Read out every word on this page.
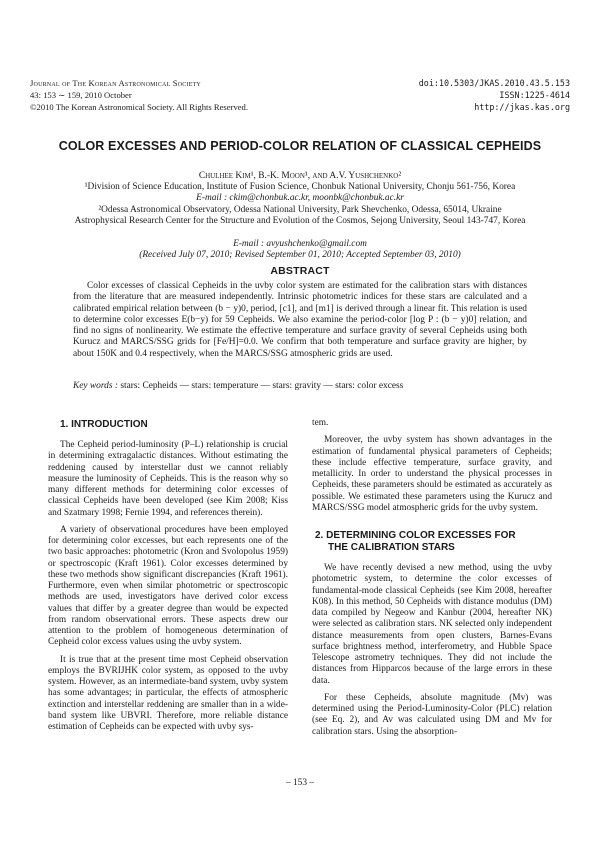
Journal of The Korean Astronomical Society
43: 153 ∼ 159, 2010 October
©2010 The Korean Astronomical Society. All Rights Reserved.
doi:10.5303/JKAS.2010.43.5.153
ISSN:1225-4614
http://jkas.kas.org
COLOR EXCESSES AND PERIOD-COLOR RELATION OF CLASSICAL CEPHEIDS
Chulhee Kim¹, B.-K. Moon¹, and A.V. Yushchenko²
¹Division of Science Education, Institute of Fusion Science, Chonbuk National University, Chonju 561-756, Korea
E-mail : ckim@chonbuk.ac.kr, moonbk@chonbuk.ac.kr
²Odessa Astronomical Observatory, Odessa National University, Park Shevchenko, Odessa, 65014, Ukraine
Astrophysical Research Center for the Structure and Evolution of the Cosmos, Sejong University, Seoul 143-747, Korea
E-mail : avyushchenko@gmail.com
(Received July 07, 2010; Revised September 01, 2010; Accepted September 03, 2010)
ABSTRACT
Color excesses of classical Cepheids in the uvby color system are estimated for the calibration stars with distances from the literature that are measured independently. Intrinsic photometric indices for these stars are calculated and a calibrated empirical relation between (b − y)0, period, [c1], and [m1] is derived through a linear fit. This relation is used to determine color excesses E(b−y) for 59 Cepheids. We also examine the period-color [log P : (b − y)0] relation, and find no signs of nonlinearity. We estimate the effective temperature and surface gravity of several Cepheids using both Kurucz and MARCS/SSG grids for [Fe/H]=0.0. We confirm that both temperature and surface gravity are higher, by about 150K and 0.4 respectively, when the MARCS/SSG atmospheric grids are used.
Key words : stars: Cepheids — stars: temperature — stars: gravity — stars: color excess
1. INTRODUCTION

The Cepheid period-luminosity (P–L) relationship is crucial in determining extragalactic distances. Without estimating the reddening caused by interstellar dust we cannot reliably measure the luminosity of Cepheids. This is the reason why so many different methods for determining color excesses of classical Cepheids have been developed (see Kim 2008; Kiss and Szatmary 1998; Fernie 1994, and references therein).

A variety of observational procedures have been employed for determining color excesses, but each represents one of the two basic approaches: photometric (Kron and Svolopolus 1959) or spectroscopic (Kraft 1961). Color excesses determined by these two methods show significant discrepancies (Kraft 1961). Furthermore, even when similar photometric or spectroscopic methods are used, investigators have derived color excess values that differ by a greater degree than would be expected from random observational errors. These aspects drew our attention to the problem of homogeneous determination of Cepheid color excess values using the uvby system.

It is true that at the present time most Cepheid observation employs the BVRIJHK color system, as opposed to the uvby system. However, as an intermediate-band system, uvby system has some advantages; in particular, the effects of atmospheric extinction and interstellar reddening are smaller than in a wide-band system like UBVRI. Therefore, more reliable distance estimation of Cepheids can be expected with uvby sys-

tem.

Moreover, the uvby system has shown advantages in the estimation of fundamental physical parameters of Cepheids; these include effective temperature, surface gravity, and metallicity. In order to understand the physical processes in Cepheids, these parameters should be estimated as accurately as possible. We estimated these parameters using the Kurucz and MARCS/SSG model atmospheric grids for the uvby system.

2. DETERMINING COLOR EXCESSES FOR
THE CALIBRATION STARS

We have recently devised a new method, using the uvby photometric system, to determine the color excesses of fundamental-mode classical Cepheids (see Kim 2008, hereafter K08). In this method, 50 Cepheids with distance modulus (DM) data compiled by Negeow and Kanbur (2004, hereafter NK) were selected as calibration stars. NK selected only independent distance measurements from open clusters, Barnes-Evans surface brightness method, interferometry, and Hubble Space Telescope astrometry techniques. They did not include the distances from Hipparcos because of the large errors in these data.

For these Cepheids, absolute magnitude (Mv) was determined using the Period-Luminosity-Color (PLC) relation (see Eq. 2), and Av was calculated using DM and Mv for calibration stars. Using the absorption-

– 153 –
